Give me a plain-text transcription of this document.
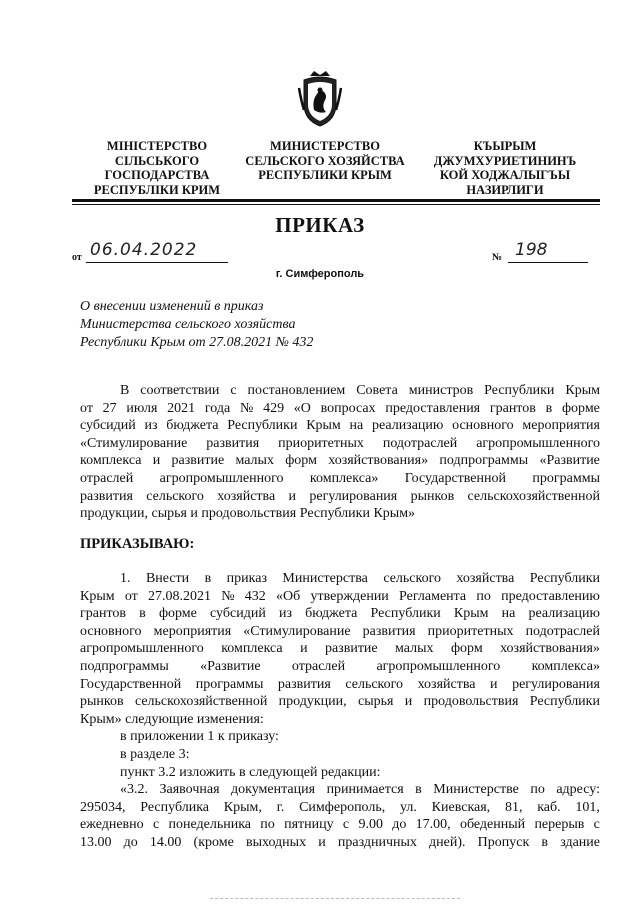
МІНІСТЕРСТВО
СІЛЬСЬКОГО
ГОСПОДАРСТВА
РЕСПУБЛІКИ КРИМ
МИНИСТЕРСТВО
СЕЛЬСКОГО ХОЗЯЙСТВА
РЕСПУБЛИКИ КРЫМ
КЪЫРЫМ
ДЖУМХУРИЕТИНИНЪ
КОЙ ХОДЖАЛЫГЪЫ
НАЗИРЛИГИ
ПРИКАЗ
от 06.04.2022	№ 198
г. Симферополь
О внесении изменений в приказ
Министерства сельского хозяйства
Республики Крым от 27.08.2021 № 432
В соответствии с постановлением Совета министров Республики Крым
от 27 июля 2021 года № 429 «О вопросах предоставления грантов в форме
субсидий из бюджета Республики Крым на реализацию основного мероприятия
«Стимулирование развития приоритетных подотраслей агропромышленного
комплекса и развитие малых форм хозяйствования» подпрограммы «Развитие
отраслей агропромышленного комплекса» Государственной программы
развития сельского хозяйства и регулирования рынков сельскохозяйственной
продукции, сырья и продовольствия Республики Крым»
ПРИКАЗЫВАЮ:
1. Внести в приказ Министерства сельского хозяйства Республики
Крым от 27.08.2021 № 432 «Об утверждении Регламента по предоставлению
грантов в форме субсидий из бюджета Республики Крым на реализацию
основного мероприятия «Стимулирование развития приоритетных подотраслей
агропромышленного комплекса и развитие малых форм хозяйствования»
подпрограммы «Развитие отраслей агропромышленного комплекса»
Государственной программы развития сельского хозяйства и регулирования
рынков сельскохозяйственной продукции, сырья и продовольствия Республики
Крым» следующие изменения:
в приложении 1 к приказу:
в разделе 3:
пункт 3.2 изложить в следующей редакции:
«3.2. Заявочная документация принимается в Министерстве по адресу:
295034, Республика Крым, г. Симферополь, ул. Киевская, 81, каб. 101,
ежедневно с понедельника по пятницу с 9.00 до 17.00, обеденный перерыв с
13.00 до 14.00 (кроме выходных и праздничных дней). Пропуск в здание
